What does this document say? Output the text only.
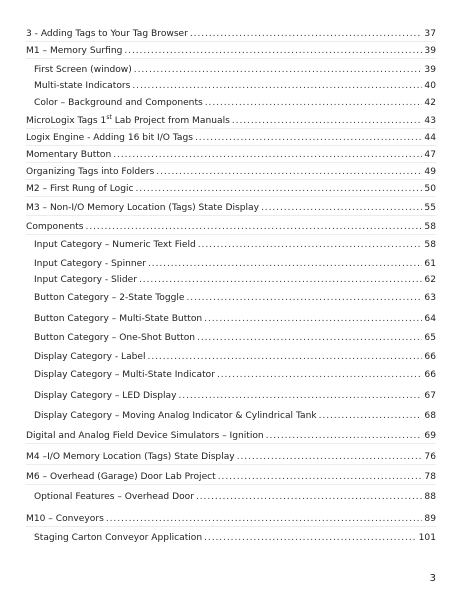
3 - Adding Tags to Your Tag Browser .....	37
M1 – Memory Surfing .....	39
First Screen (window) .....	39
Multi-state Indicators .....	40
Color – Background and Components .....	42
MicroLogix Tags 1st Lab Project from Manuals .....	43
Logix Engine - Adding 16 bit I/O Tags .....	44
Momentary Button .....	47
Organizing Tags into Folders .....	49
M2 – First Rung of Logic .....	50
M3 – Non-I/O Memory Location (Tags) State Display .....	55
Components .....	58
Input Category – Numeric Text Field .....	58
Input Category - Spinner .....	61
Input Category - Slider .....	62
Button Category – 2-State Toggle .....	63
Button Category – Multi-State Button .....	64
Button Category – One-Shot Button .....	65
Display Category - Label .....	66
Display Category – Multi-State Indicator .....	66
Display Category – LED Display .....	67
Display Category – Moving Analog Indicator & Cylindrical Tank .....	68
Digital and Analog Field Device Simulators – Ignition .....	69
M4 –I/O Memory Location (Tags) State Display .....	76
M6 – Overhead (Garage) Door Lab Project .....	78
Optional Features – Overhead Door .....	88
M10 – Conveyors .....	89
Staging Carton Conveyor Application .....	101
3
